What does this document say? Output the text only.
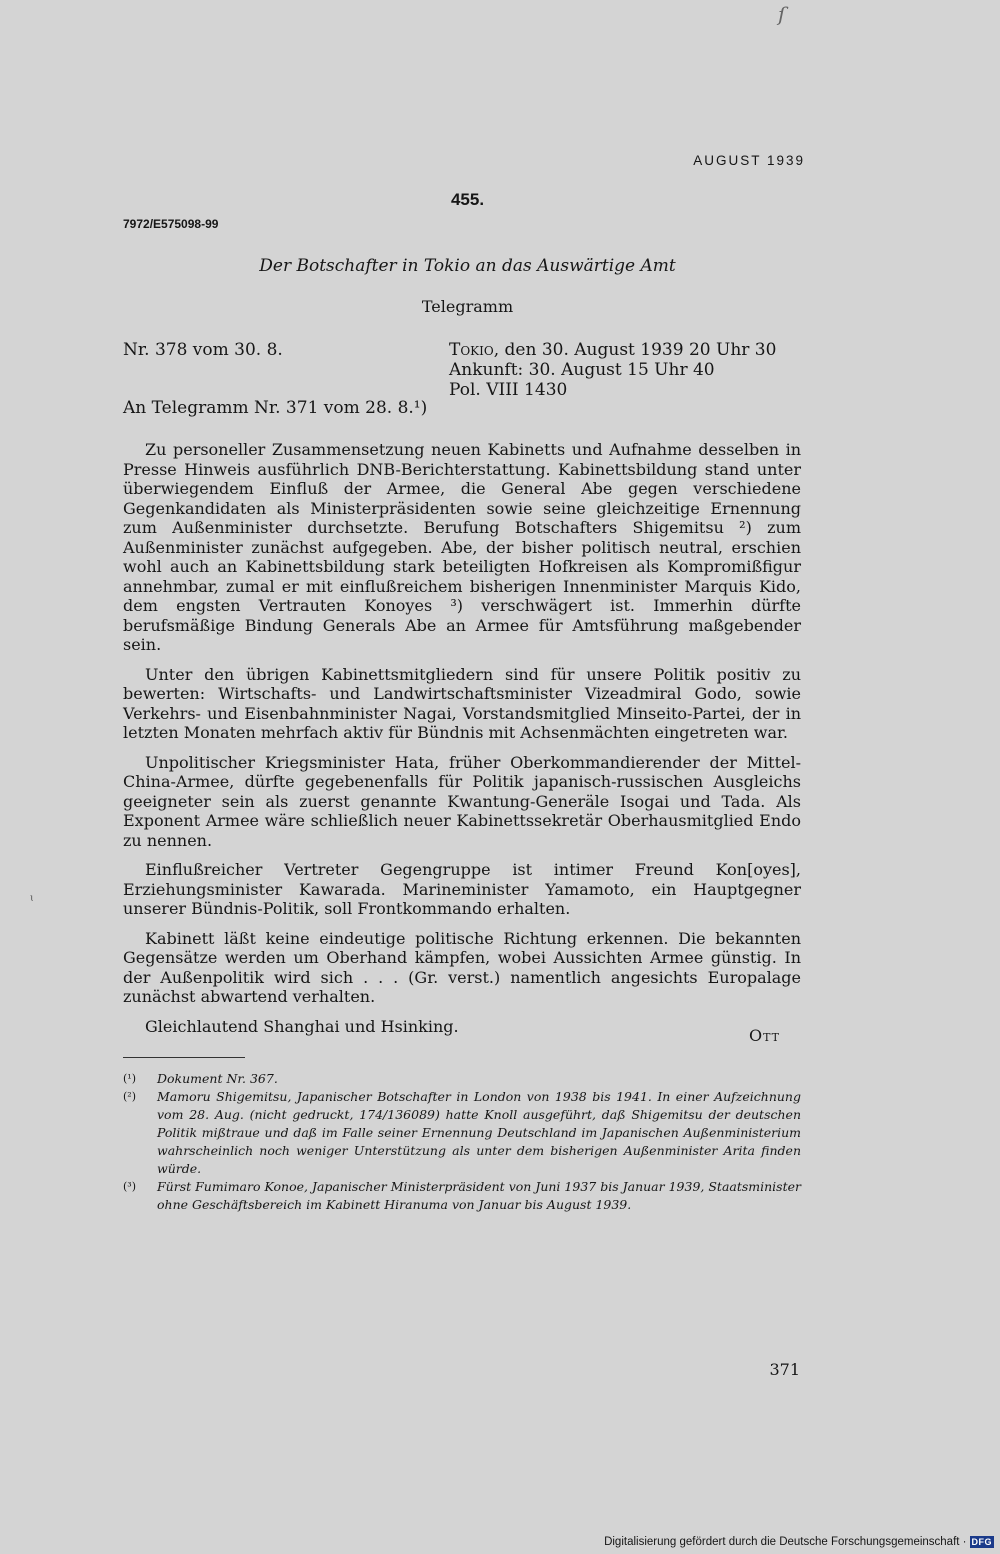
ſ
ɩ
AUGUST 1939
455.
7972/E575098-99
Der Botschafter in Tokio an das Auswärtige Amt
Telegramm
Nr. 378 vom 30. 8.	Tokio, den 30. August 1939 20 Uhr 30
Ankunft: 30. August 15 Uhr 40
Pol. VIII 1430
An Telegramm Nr. 371 vom 28. 8.¹)

Zu personeller Zusammensetzung neuen Kabinetts und Aufnahme desselben in Presse Hinweis ausführlich DNB-Berichterstattung. Kabinettsbildung stand unter überwiegendem Einfluß der Armee, die General Abe gegen verschiedene Gegenkandidaten als Ministerpräsidenten sowie seine gleichzeitige Ernennung zum Außenminister durchsetzte. Berufung Botschafters Shigemitsu ²) zum Außenminister zunächst aufgegeben. Abe, der bisher politisch neutral, erschien wohl auch an Kabinettsbildung stark beteiligten Hofkreisen als Kompromißfigur annehmbar, zumal er mit einflußreichem bisherigen Innenminister Marquis Kido, dem engsten Vertrauten Konoyes ³) verschwägert ist. Immerhin dürfte berufsmäßige Bindung Generals Abe an Armee für Amtsführung maßgebender sein.

Unter den übrigen Kabinettsmitgliedern sind für unsere Politik positiv zu bewerten: Wirtschafts- und Landwirtschaftsminister Vizeadmiral Godo, sowie Verkehrs- und Eisenbahnminister Nagai, Vorstandsmitglied Minseito-Partei, der in letzten Monaten mehrfach aktiv für Bündnis mit Achsenmächten eingetreten war.

Unpolitischer Kriegsminister Hata, früher Oberkommandierender der Mittel-China-Armee, dürfte gegebenenfalls für Politik japanisch-russischen Ausgleichs geeigneter sein als zuerst genannte Kwantung-Generäle Isogai und Tada. Als Exponent Armee wäre schließlich neuer Kabinettssekretär Oberhausmitglied Endo zu nennen.

Einflußreicher Vertreter Gegengruppe ist intimer Freund Kon[oyes], Erziehungsminister Kawarada. Marineminister Yamamoto, ein Hauptgegner unserer Bündnis-Politik, soll Frontkommando erhalten.

Kabinett läßt keine eindeutige politische Richtung erkennen. Die bekannten Gegensätze werden um Oberhand kämpfen, wobei Aussichten Armee günstig. In der Außenpolitik wird sich . . . (Gr. verst.) namentlich angesichts Europalage zunächst abwartend verhalten.

Gleichlautend Shanghai und Hsinking.	Ott
(¹)	Dokument Nr. 367.
(²)	Mamoru Shigemitsu, Japanischer Botschafter in London von 1938 bis 1941. In einer Aufzeichnung vom 28. Aug. (nicht gedruckt, 174/136089) hatte Knoll ausgeführt, daß Shigemitsu der deutschen Politik mißtraue und daß im Falle seiner Ernennung Deutschland im Japanischen Außenministerium wahrscheinlich noch weniger Unterstützung als unter dem bisherigen Außenminister Arita finden würde.
(³)	Fürst Fumimaro Konoe, Japanischer Ministerpräsident von Juni 1937 bis Januar 1939, Staatsminister ohne Geschäftsbereich im Kabinett Hiranuma von Januar bis August 1939.
371
Digitalisierung gefördert durch die Deutsche Forschungsgemeinschaft · DFG
